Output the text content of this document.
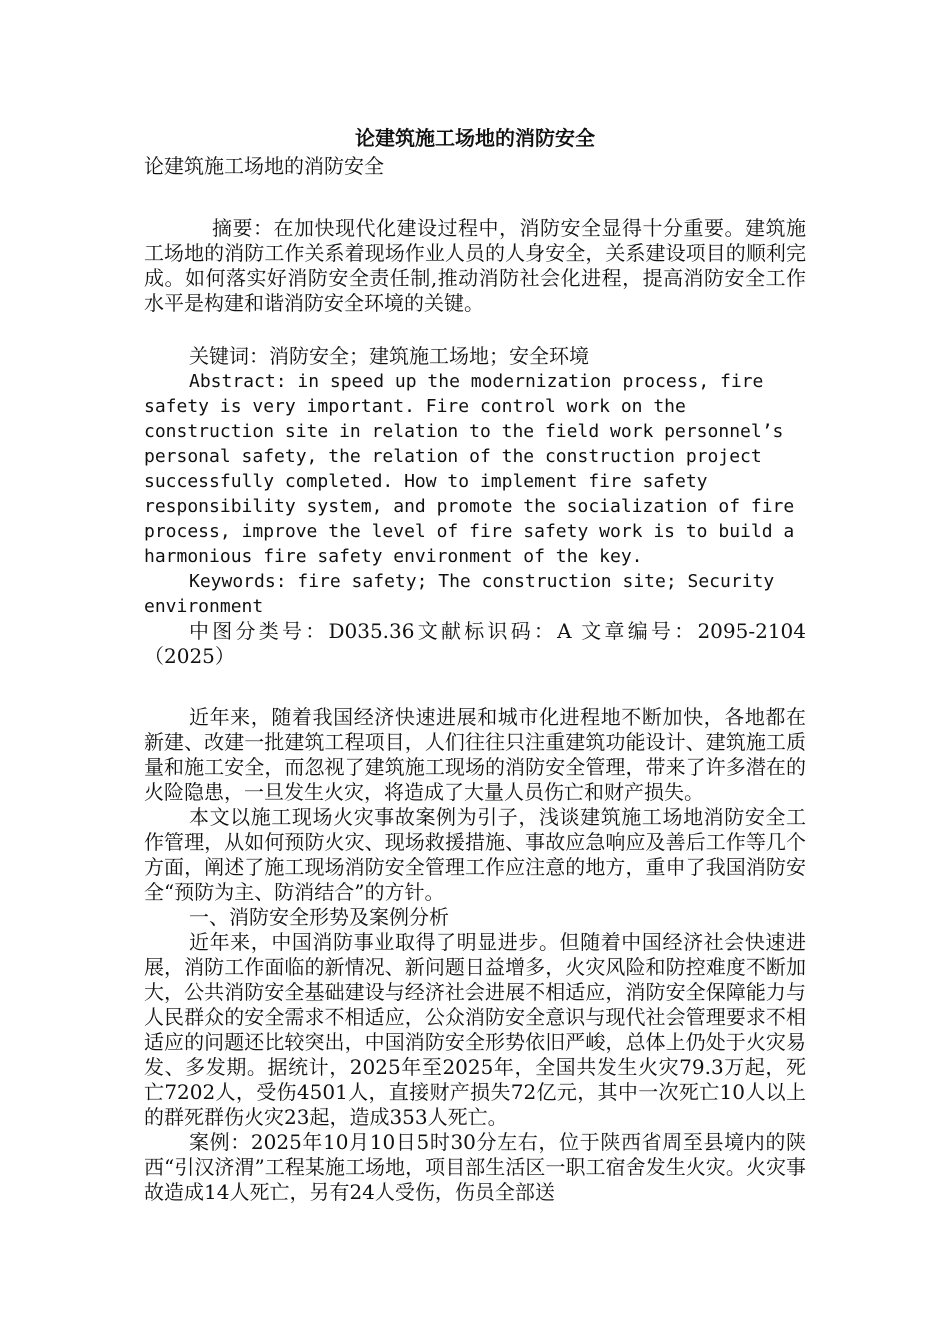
论建筑施工场地的消防安全

论建筑施工场地的消防安全

摘要：在加快现代化建设过程中，消防安全显得十分重要。建筑施工场地的消防工作关系着现场作业人员的人身安全，关系建设项目的顺利完成。如何落实好消防安全责任制,推动消防社会化进程，提高消防安全工作水平是构建和谐消防安全环境的关键。

关键词：消防安全；建筑施工场地；安全环境

Abstract: in speed up the modernization process, fire safety is very important. Fire control work on the construction site in relation to the field work personnel’s personal safety, the relation of the construction project successfully completed. How to implement fire safety responsibility system, and promote the socialization of fire process, improve the level of fire safety work is to build a harmonious fire safety environment of the key.

Keywords: fire safety; The construction site; Security environment

中图分类号：D035.36文献标识码：A 文章编号：2095-2104（2025）

近年来，随着我国经济快速进展和城市化进程地不断加快，各地都在新建、改建一批建筑工程项目，人们往往只注重建筑功能设计、建筑施工质量和施工安全，而忽视了建筑施工现场的消防安全管理，带来了许多潜在的火险隐患，一旦发生火灾，将造成了大量人员伤亡和财产损失。

本文以施工现场火灾事故案例为引子，浅谈建筑施工场地消防安全工作管理，从如何预防火灾、现场救援措施、事故应急响应及善后工作等几个方面，阐述了施工现场消防安全管理工作应注意的地方，重申了我国消防安全“预防为主、防消结合”的方针。

一、消防安全形势及案例分析

近年来，中国消防事业取得了明显进步。但随着中国经济社会快速进展，消防工作面临的新情况、新问题日益增多，火灾风险和防控难度不断加大，公共消防安全基础建设与经济社会进展不相适应，消防安全保障能力与人民群众的安全需求不相适应，公众消防安全意识与现代社会管理要求不相适应的问题还比较突出，中国消防安全形势依旧严峻，总体上仍处于火灾易发、多发期。据统计，2025年至2025年，全国共发生火灾79.3万起，死亡7202人，受伤4501人，直接财产损失72亿元，其中一次死亡10人以上的群死群伤火灾23起，造成353人死亡。

案例：2025年10月10日5时30分左右，位于陕西省周至县境内的陕西“引汉济渭”工程某施工场地，项目部生活区一职工宿舍发生火灾。火灾事故造成14人死亡，另有24人受伤，伤员全部送
